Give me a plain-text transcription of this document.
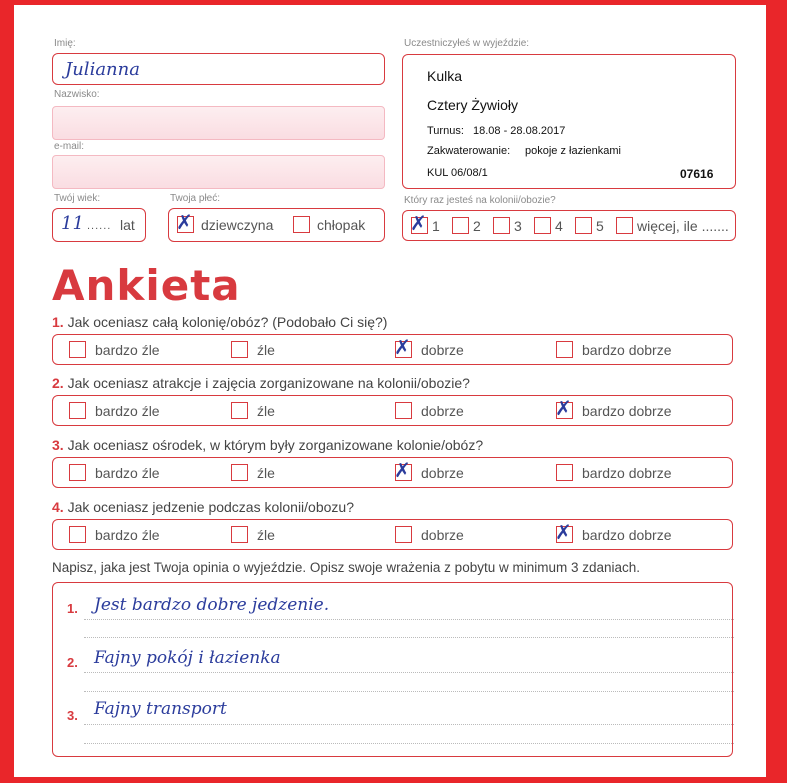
Imię:
Julianna
Nazwisko:
e-mail:
Twój wiek:
11 ...... lat
Twoja płeć:
✗ dziewczyna	chłopak
Uczestniczyłeś w wyjeździe:
Kulka
Cztery Żywioły
Turnus: 18.08 - 28.08.2017
Zakwaterowanie: pokoje z łazienkami
KUL 06/08/1	07616
Który raz jesteś na kolonii/obozie?
✗ 1 2 3 4 5 więcej, ile .......
Ankieta
1. Jak oceniasz całą kolonię/obóz? (Podobało Ci się?)
bardzo źle	źle	✗ dobrze	bardzo dobrze
2. Jak oceniasz atrakcje i zajęcia zorganizowane na kolonii/obozie?
bardzo źle	źle	dobrze	✗ bardzo dobrze
3. Jak oceniasz ośrodek, w którym były zorganizowane kolonie/obóz?
bardzo źle	źle	✗ dobrze	bardzo dobrze
4. Jak oceniasz jedzenie podczas kolonii/obozu?
bardzo źle	źle	dobrze	✗ bardzo dobrze
Napisz, jaka jest Twoja opinia o wyjeździe. Opisz swoje wrażenia z pobytu w minimum 3 zdaniach.
1. Jest bardzo dobre jedzenie.
2. Fajny pokój i łazienka
3. Fajny transport
